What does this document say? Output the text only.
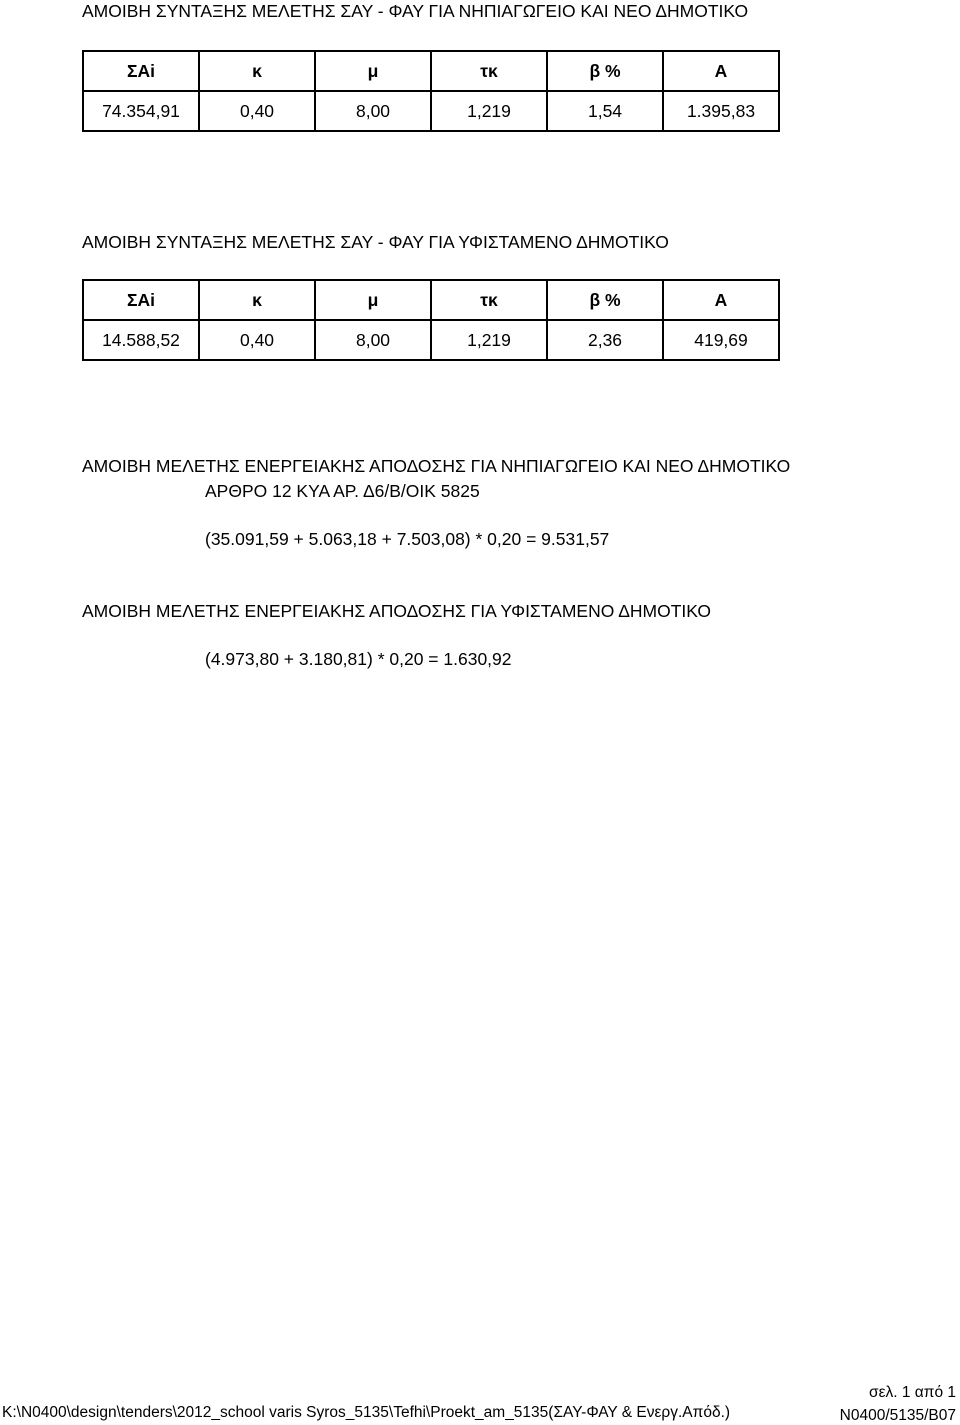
ΑΜΟΙΒΗ ΣΥΝΤΑΞΗΣ ΜΕΛΕΤΗΣ ΣΑΥ - ΦΑΥ ΓΙΑ ΝΗΠΙΑΓΩΓΕΙΟ ΚΑΙ ΝΕΟ ΔΗΜΟΤΙΚΟ
ΣAi	κ	μ	τκ	β %	Α
74.354,91	0,40	8,00	1,219	1,54	1.395,83
ΑΜΟΙΒΗ ΣΥΝΤΑΞΗΣ ΜΕΛΕΤΗΣ ΣΑΥ - ΦΑΥ ΓΙΑ ΥΦΙΣΤΑΜΕΝΟ ΔΗΜΟΤΙΚΟ
ΣAi	κ	μ	τκ	β %	Α
14.588,52	0,40	8,00	1,219	2,36	419,69
ΑΜΟΙΒΗ ΜΕΛΕΤΗΣ ΕΝΕΡΓΕΙΑΚΗΣ ΑΠΟΔΟΣΗΣ ΓΙΑ ΝΗΠΙΑΓΩΓΕΙΟ ΚΑΙ ΝΕΟ ΔΗΜΟΤΙΚΟ

ΑΡΘΡΟ 12 ΚΥΑ ΑΡ. Δ6/Β/ΟΙΚ 5825

(35.091,59 + 5.063,18 + 7.503,08) * 0,20 = 9.531,57

ΑΜΟΙΒΗ ΜΕΛΕΤΗΣ ΕΝΕΡΓΕΙΑΚΗΣ ΑΠΟΔΟΣΗΣ ΓΙΑ ΥΦΙΣΤΑΜΕΝΟ ΔΗΜΟΤΙΚΟ

(4.973,80 + 3.180,81) * 0,20 = 1.630,92

σελ. 1 από 1
K:\N0400\design\tenders\2012_school varis Syros_5135\Tefhi\Proekt_am_5135(ΣΑΥ-ΦΑΥ & Ενεργ.Απόδ.)	N0400/5135/B07
